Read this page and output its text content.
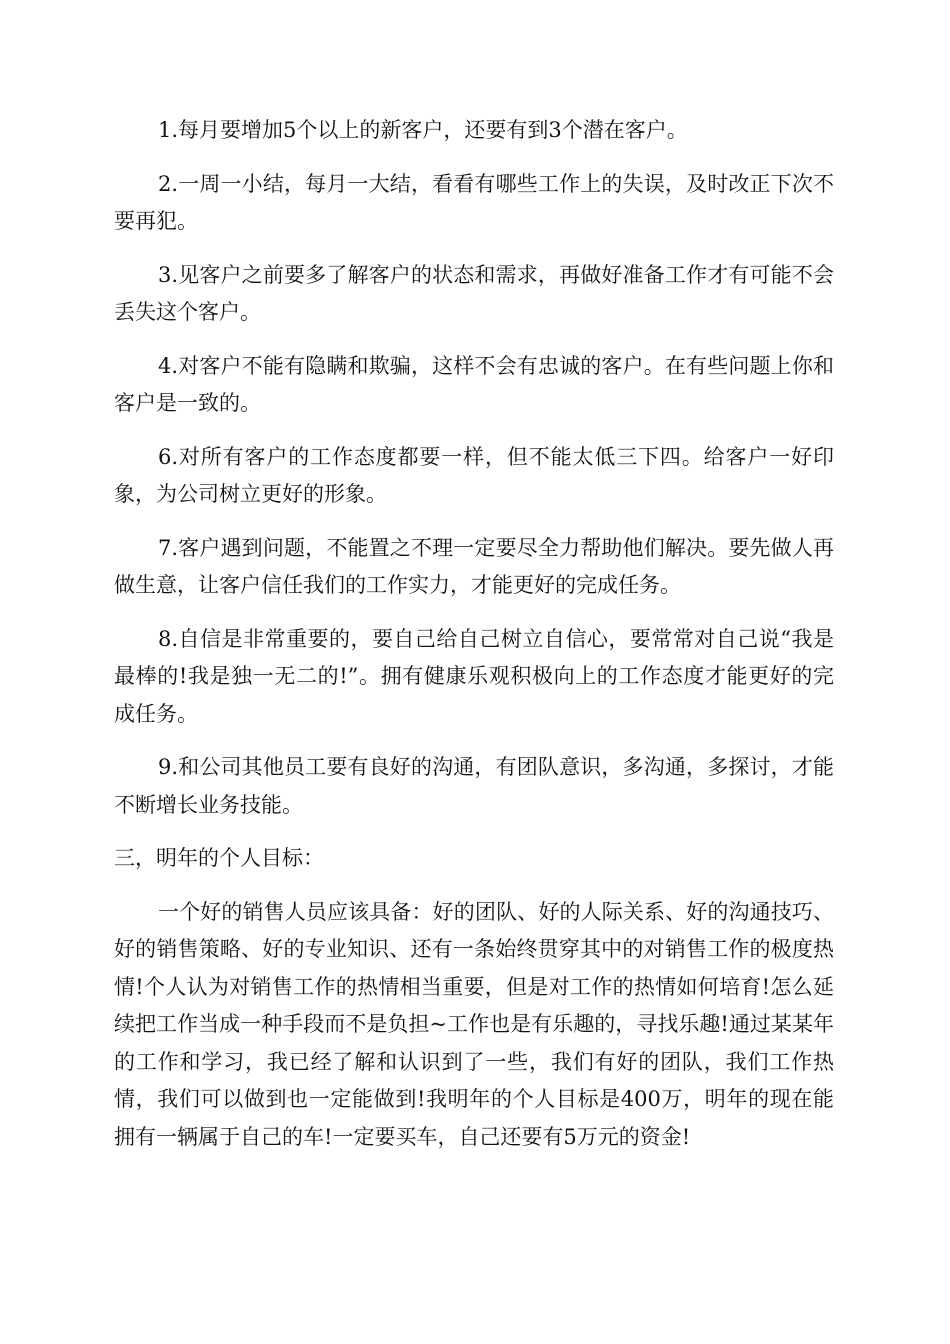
1.每月要增加5个以上的新客户，还要有到3个潜在客户。

2.一周一小结，每月一大结，看看有哪些工作上的失误，及时改正下次不要再犯。

3.见客户之前要多了解客户的状态和需求，再做好准备工作才有可能不会丢失这个客户。

4.对客户不能有隐瞒和欺骗，这样不会有忠诚的客户。在有些问题上你和客户是一致的。

6.对所有客户的工作态度都要一样，但不能太低三下四。给客户一好印象，为公司树立更好的形象。

7.客户遇到问题，不能置之不理一定要尽全力帮助他们解决。要先做人再做生意，让客户信任我们的工作实力，才能更好的完成任务。

8.自信是非常重要的，要自己给自己树立自信心，要常常对自己说“我是最棒的!我是独一无二的!”。拥有健康乐观积极向上的工作态度才能更好的完成任务。

9.和公司其他员工要有良好的沟通，有团队意识，多沟通，多探讨，才能不断增长业务技能。

三，明年的个人目标：

一个好的销售人员应该具备：好的团队、好的人际关系、好的沟通技巧、好的销售策略、好的专业知识、还有一条始终贯穿其中的对销售工作的极度热情!个人认为对销售工作的热情相当重要，但是对工作的热情如何培育!怎么延续把工作当成一种手段而不是负担~工作也是有乐趣的，寻找乐趣!通过某某年的工作和学习，我已经了解和认识到了一些，我们有好的团队，我们工作热情，我们可以做到也一定能做到!我明年的个人目标是400万，明年的现在能拥有一辆属于自己的车!一定要买车，自己还要有5万元的资金!
